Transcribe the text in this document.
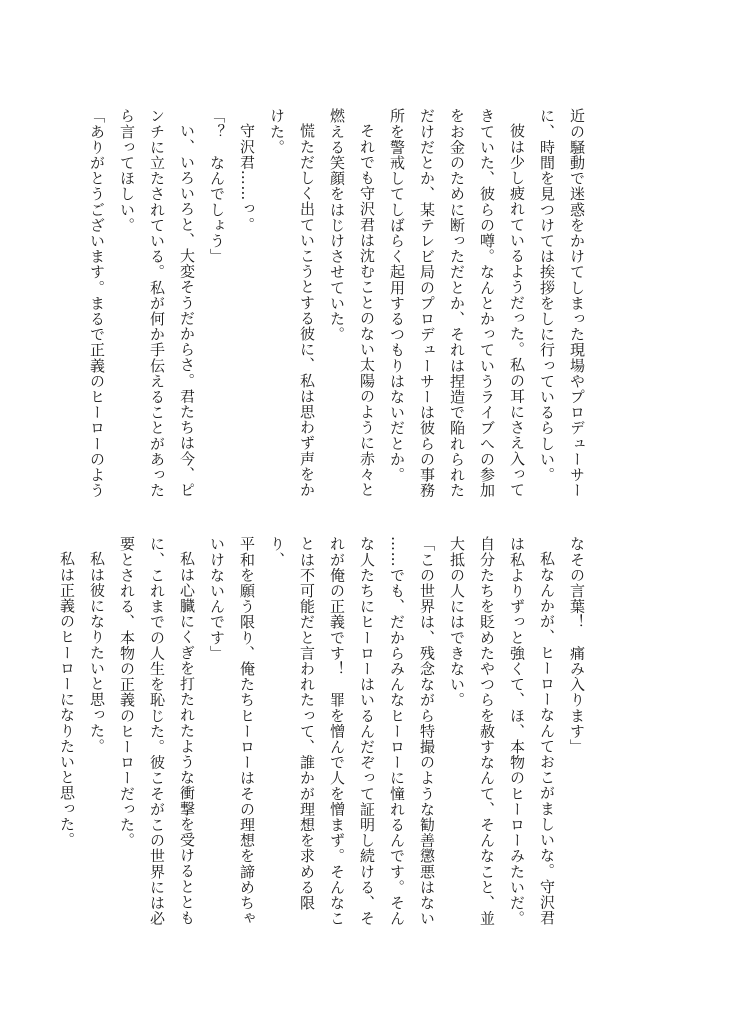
近の騒動で迷惑をかけてしまった現場やプロデューサー
に、時間を見つけては挨拶をしに行っているらしい。
彼は少し疲れているようだった。私の耳にさえ入って
きていた、彼らの噂。なんとかっていうライブへの参加
をお金のために断っただとか、それは捏造で陥れられた
だけだとか、某テレビ局のプロデューサーは彼らの事務
所を警戒してしばらく起用するつもりはないだとか。
それでも守沢君は沈むことのない太陽のように赤々と
燃える笑顔をはじけさせていた。
慌ただしく出ていこうとする彼に、私は思わず声をか
けた。
守沢君……っ。
「？　なんでしょう」
い、いろいろと、大変そうだからさ。君たちは今、ピ
ンチに立たされている。私が何か手伝えることがあった
ら言ってほしい。
「ありがとうございます。まるで正義のヒーローのよう
なその言葉！　痛み入ります」
私なんかが、ヒーローなんておこがましいな。守沢君
は私よりずっと強くて、ほ、本物のヒーローみたいだ。
自分たちを貶めたやつらを赦すなんて、そんなこと、並
大抵の人にはできない。
「この世界は、残念ながら特撮のような勧善懲悪はない
……でも、だからみんなヒーローに憧れるんです。そん
な人たちにヒーローはいるんだぞって証明し続ける、そ
れが俺の正義です！　罪を憎んで人を憎まず。そんなこ
とは不可能だと言われたって、誰かが理想を求める限り、
平和を願う限り、俺たちヒーローはその理想を諦めちゃ
いけないんです」
私は心臓にくぎを打たれたような衝撃を受けるととも
に、これまでの人生を恥じた。彼こそがこの世界には必
要とされる、本物の正義のヒーローだった。
私は彼になりたいと思った。
私は正義のヒーローになりたいと思った。
